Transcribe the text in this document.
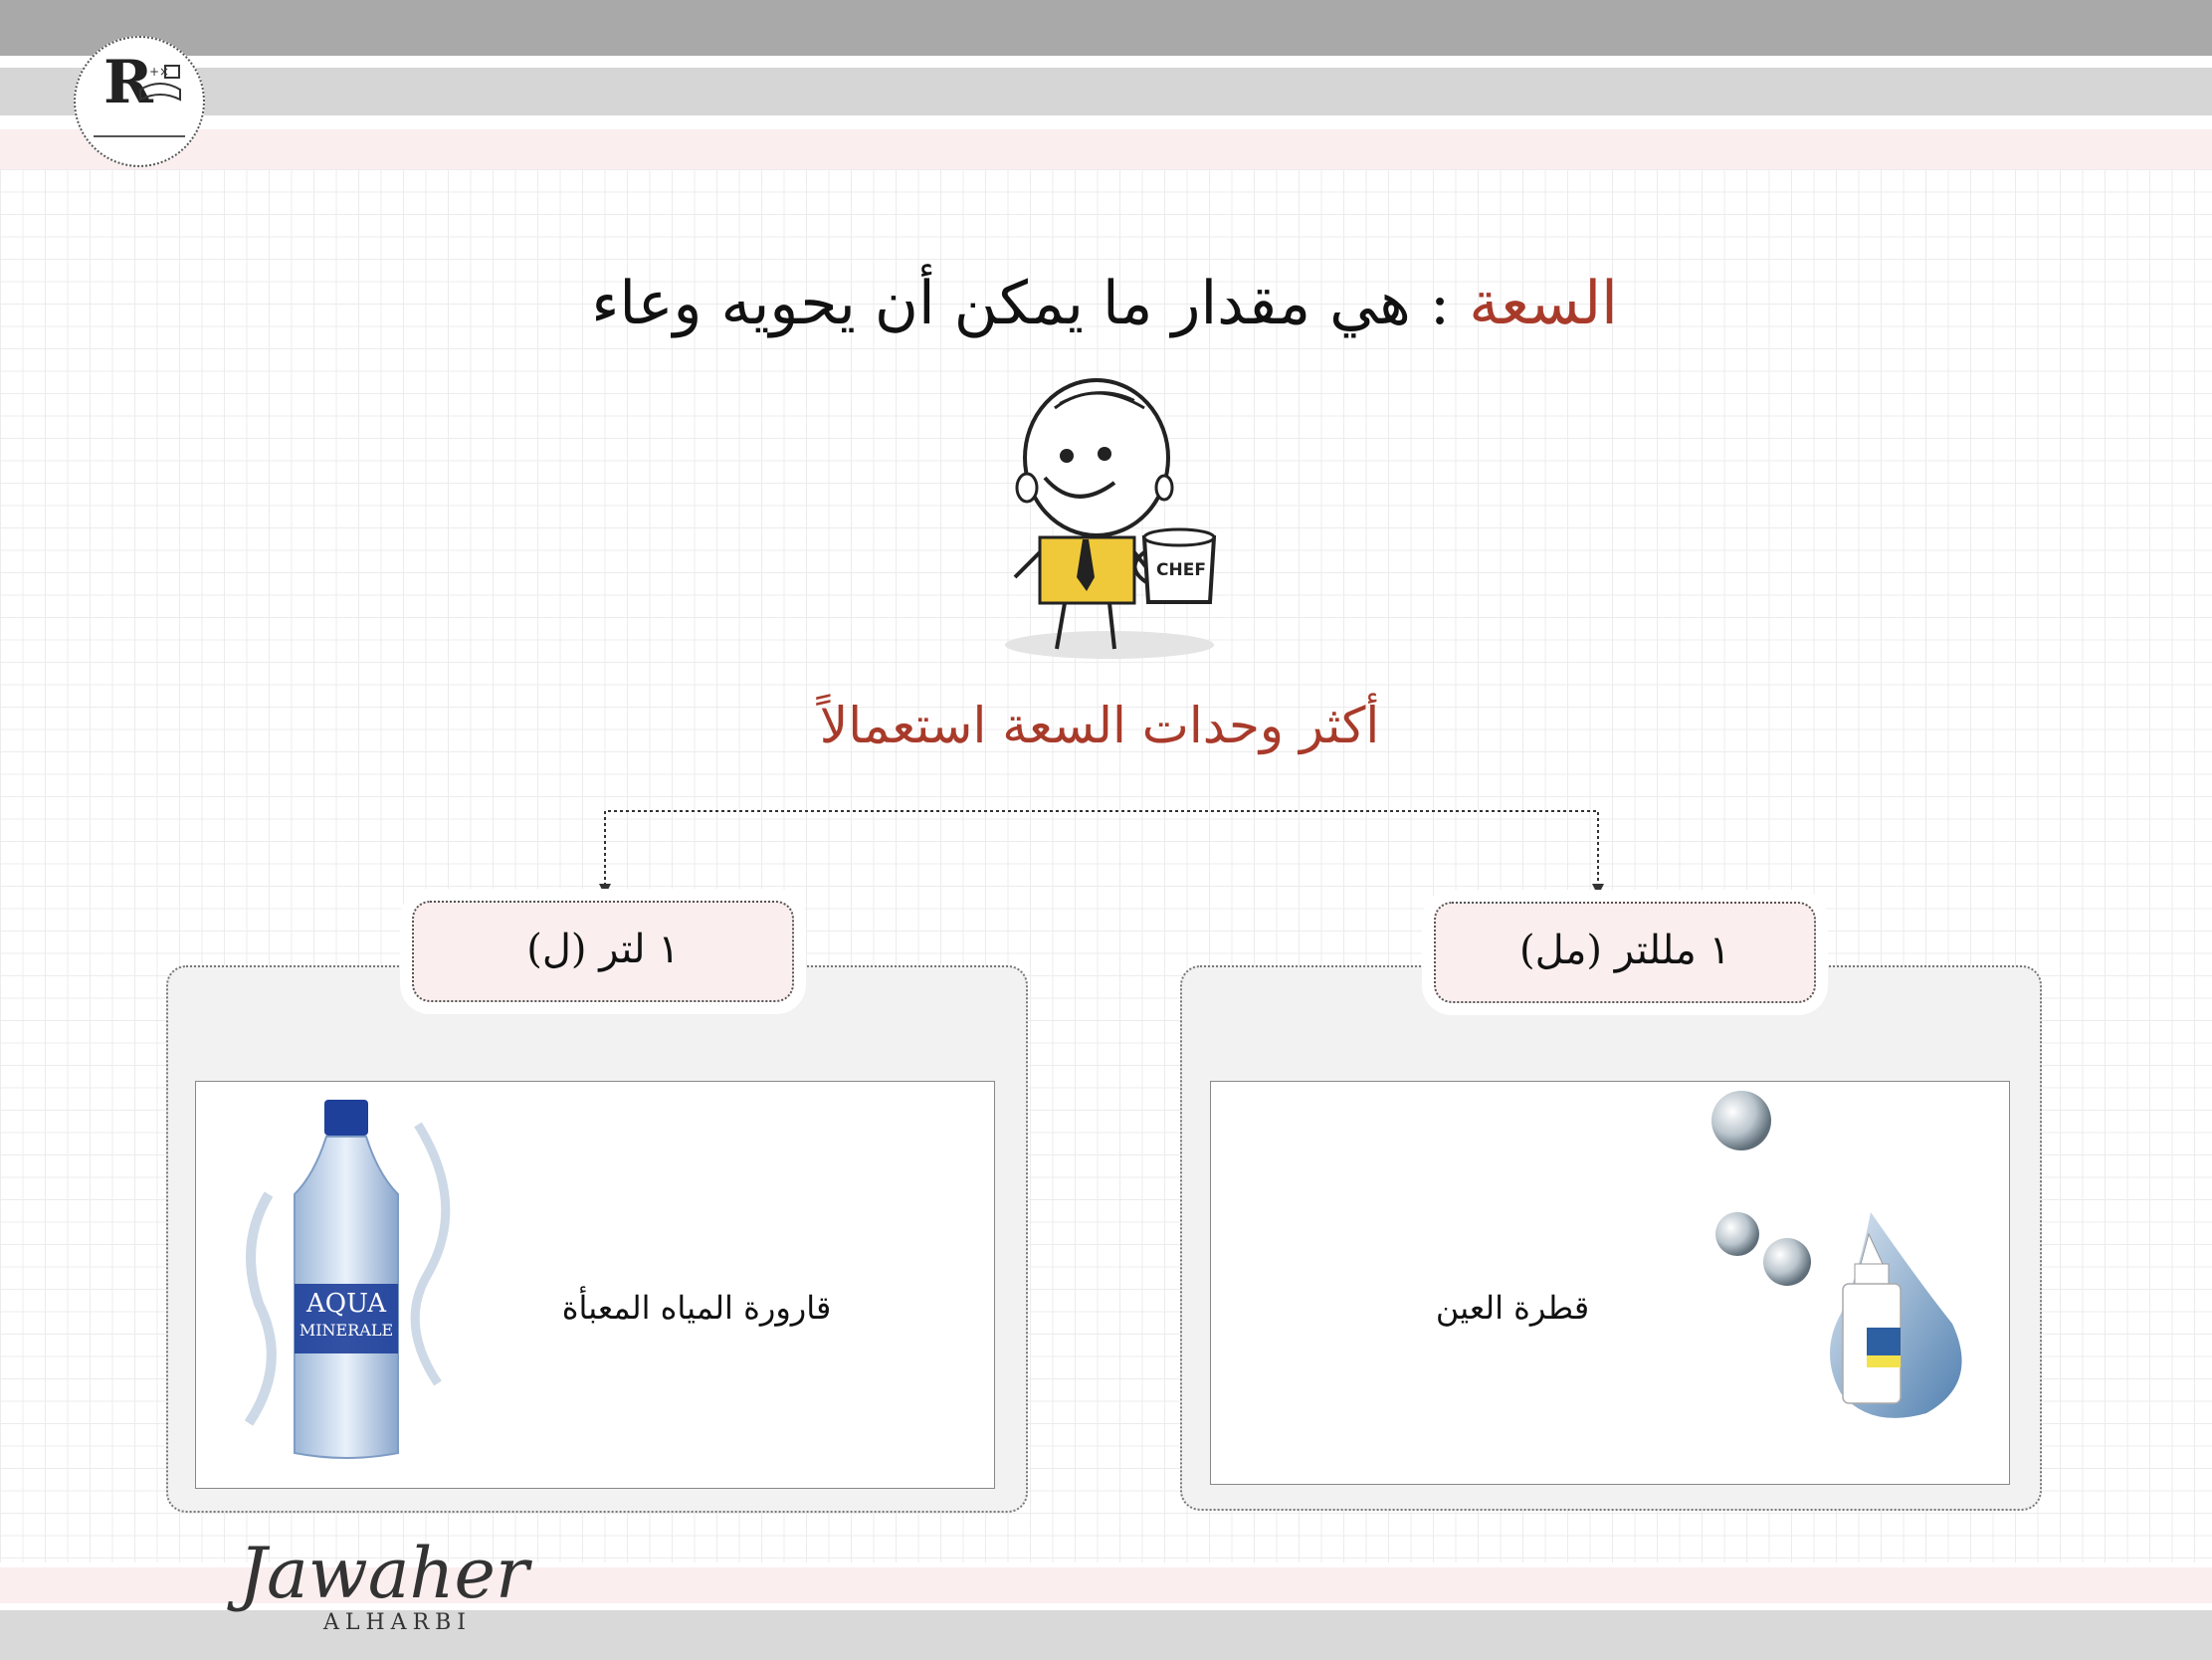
R
+×
السعة : هي مقدار ما يمكن أن يحويه وعاء
CHEF
أكثر وحدات السعة استعمالاً
١ مللتر (مل)
قطرة العين
١ لتر (ل)
قارورة المياه المعبأة
AQUA
MINERALE
Jawaher
ALHARBI
